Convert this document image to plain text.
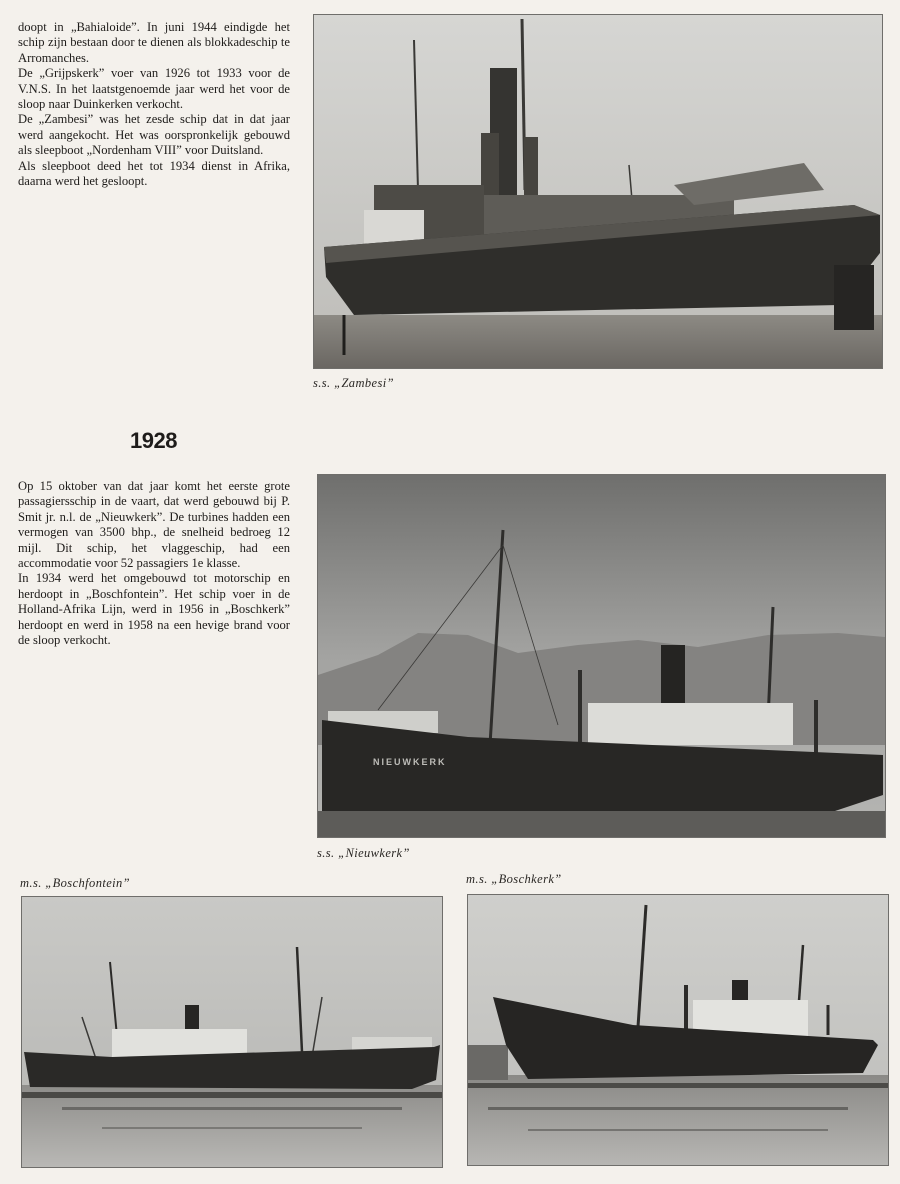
doopt in „Bahialoide”. In juni 1944 eindigde het schip zijn bestaan door te dienen als blokkadeschip te Arromanches.

De „Grijpskerk” voer van 1926 tot 1933 voor de V.N.S. In het laatstgenoemde jaar werd het voor de sloop naar Duinkerken verkocht.

De „Zambesi” was het zesde schip dat in dat jaar werd aangekocht. Het was oorspronkelijk gebouwd als sleepboot „Nordenham VIII” voor Duitsland.

Als sleepboot deed het tot 1934 dienst in Afrika, daarna werd het gesloopt.

s.s. „Zambesi”
1928

Op 15 oktober van dat jaar komt het eerste grote passagiersschip in de vaart, dat werd gebouwd bij P. Smit jr. n.l. de „Nieuwkerk”. De turbines hadden een vermogen van 3500 bhp., de snelheid bedroeg 12 mijl. Dit schip, het vlaggeschip, had een accommodatie voor 52 passagiers 1e klasse.

In 1934 werd het omgebouwd tot motorschip en herdoopt in „Boschfontein”. Het schip voer in de Holland-Afrika Lijn, werd in 1956 in „Boschkerk” herdoopt en werd in 1958 na een hevige brand voor de sloop verkocht.

NIEUWKERK
s.s. „Nieuwkerk”
m.s. „Boschfontein”	m.s. „Boschkerk”
